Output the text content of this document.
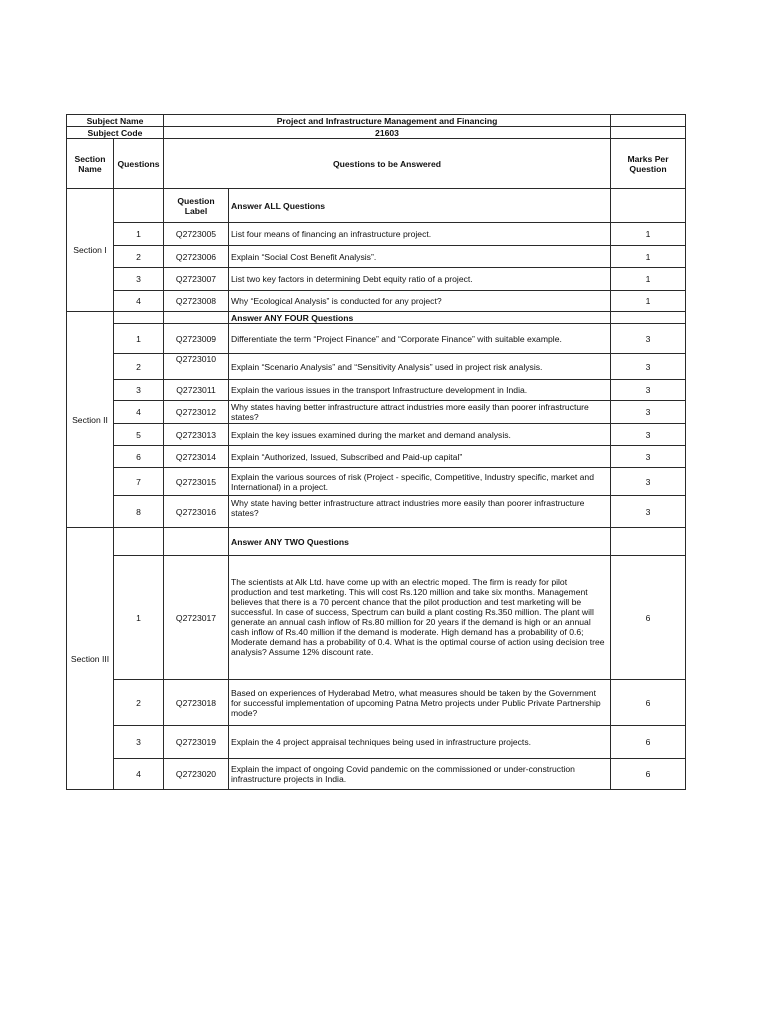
Subject Name		Project and Infrastructure Management and Financing		
Subject Code		21603		
Section Name	Questions	Questions to be Answered		Marks Per Question
Section I		Question Label	Answer ALL Questions	
	1	Q2723005	List four means of financing an infrastructure project.	1
	2	Q2723006	Explain “Social Cost Benefit Analysis”.	1
	3	Q2723007	List two key factors in determining Debt equity ratio of a project.	1
	4	Q2723008	Why “Ecological Analysis” is conducted for any project?	1
Section II			Answer ANY FOUR Questions	
	1	Q2723009	Differentiate the term “Project Finance” and “Corporate Finance” with suitable example.	3
	2	Q2723010	Explain “Scenario Analysis” and “Sensitivity Analysis” used in project risk analysis.	3
	3	Q2723011	Explain the various issues in the transport Infrastructure development in India.	3
	4	Q2723012	Why states having better infrastructure attract industries more easily than poorer infrastructure states?	3
	5	Q2723013	Explain the key issues examined during the market and demand analysis.	3
	6	Q2723014	Explain “Authorized, Issued, Subscribed and Paid-up capital”	3
	7	Q2723015	Explain the various sources of risk (Project - specific, Competitive, Industry specific, market and International) in a project.	3
	8	Q2723016	Why state having better infrastructure attract industries more easily than poorer infrastructure states?	3
Section III			Answer ANY TWO Questions	
	1	Q2723017	The scientists at Alk Ltd. have come up with an electric moped. The firm is ready for pilot production and test marketing. This will cost Rs.120 million and take six months. Management believes that there is a 70 percent chance that the pilot production and test marketing will be successful. In case of success, Spectrum can build a plant costing Rs.350 million. The plant will generate an annual cash inflow of Rs.80 million for 20 years if the demand is high or an annual cash inflow of Rs.40 million if the demand is moderate. High demand has a probability of 0.6; Moderate demand has a probability of 0.4. What is the optimal course of action using decision tree analysis? Assume 12% discount rate.	6
	2	Q2723018	Based on experiences of Hyderabad Metro, what measures should be taken by the Government for successful implementation of upcoming Patna Metro projects under Public Private Partnership mode?	6
	3	Q2723019	Explain the 4 project appraisal techniques being used in infrastructure projects.	6
	4	Q2723020	Explain the impact of ongoing Covid pandemic on the commissioned or under-construction infrastructure projects in India.	6
